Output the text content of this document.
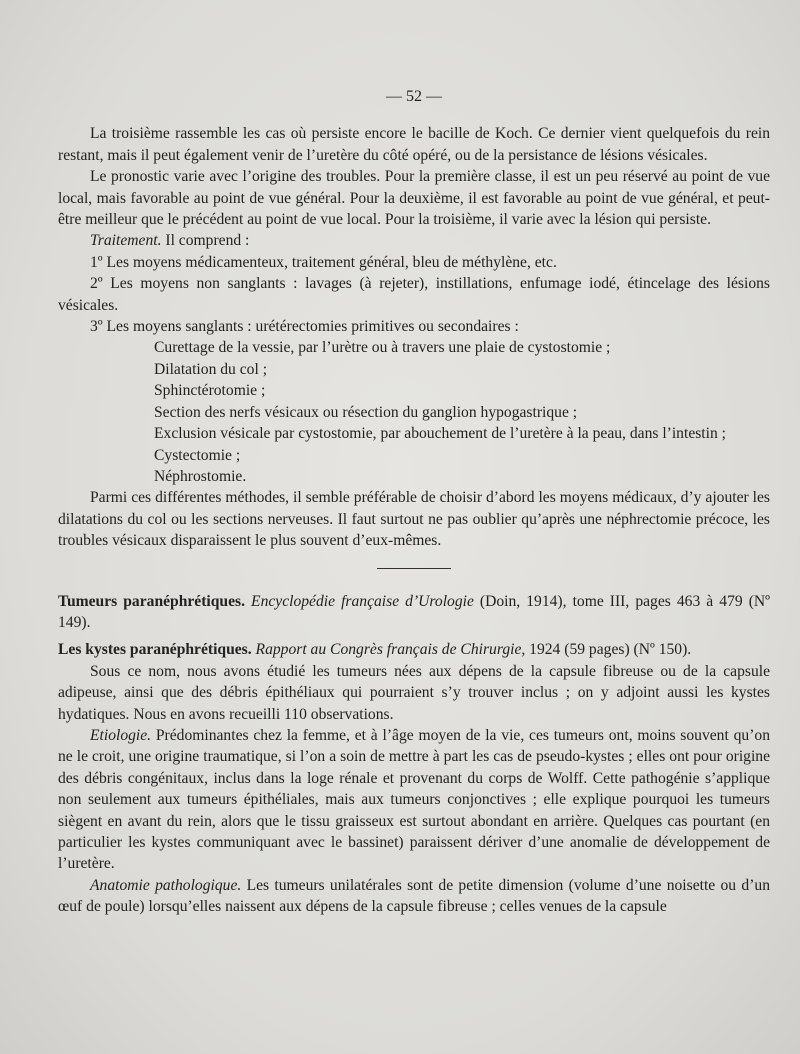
— 52 —

La troisième rassemble les cas où persiste encore le bacille de Koch. Ce dernier vient quelquefois du rein restant, mais il peut également venir de l’uretère du côté opéré, ou de la persistance de lésions vésicales.

Le pronostic varie avec l’origine des troubles. Pour la première classe, il est un peu réservé au point de vue local, mais favorable au point de vue général. Pour la deuxième, il est favorable au point de vue général, et peut-être meilleur que le précédent au point de vue local. Pour la troisième, il varie avec la lésion qui persiste.

Traitement. Il comprend :

1º Les moyens médicamenteux, traitement général, bleu de méthylène, etc.

2º Les moyens non sanglants : lavages (à rejeter), instillations, enfumage iodé, étincelage des lésions vésicales.

3º Les moyens sanglants : urétérectomies primitives ou secondaires :

Curettage de la vessie, par l’urètre ou à travers une plaie de cystostomie ;

Dilatation du col ;

Sphinctérotomie ;

Section des nerfs vésicaux ou résection du ganglion hypogastrique ;

Exclusion vésicale par cystostomie, par abouchement de l’uretère à la peau, dans l’intestin ;

Cystectomie ;

Néphrostomie.

Parmi ces différentes méthodes, il semble préférable de choisir d’abord les moyens médicaux, d’y ajouter les dilatations du col ou les sections nerveuses. Il faut surtout ne pas oublier qu’après une néphrectomie précoce, les troubles vésicaux disparaissent le plus souvent d’eux-mêmes.

Tumeurs paranéphrétiques. Encyclopédie française d’Urologie (Doin, 1914), tome III, pages 463 à 479 (Nº 149).

Les kystes paranéphrétiques. Rapport au Congrès français de Chirurgie, 1924 (59 pages) (Nº 150).

Sous ce nom, nous avons étudié les tumeurs nées aux dépens de la capsule fibreuse ou de la capsule adipeuse, ainsi que des débris épithéliaux qui pourraient s’y trouver inclus ; on y adjoint aussi les kystes hydatiques. Nous en avons recueilli 110 observations.

Etiologie. Prédominantes chez la femme, et à l’âge moyen de la vie, ces tumeurs ont, moins souvent qu’on ne le croit, une origine traumatique, si l’on a soin de mettre à part les cas de pseudo-kystes ; elles ont pour origine des débris congénitaux, inclus dans la loge rénale et provenant du corps de Wolff. Cette pathogénie s’applique non seulement aux tumeurs épithéliales, mais aux tumeurs conjonctives ; elle explique pourquoi les tumeurs siègent en avant du rein, alors que le tissu graisseux est surtout abondant en arrière. Quelques cas pourtant (en particulier les kystes communiquant avec le bassinet) paraissent dériver d’une anomalie de développement de l’uretère.

Anatomie pathologique. Les tumeurs unilatérales sont de petite dimension (volume d’une noisette ou d’un œuf de poule) lorsqu’elles naissent aux dépens de la capsule fibreuse ; celles venues de la capsule
